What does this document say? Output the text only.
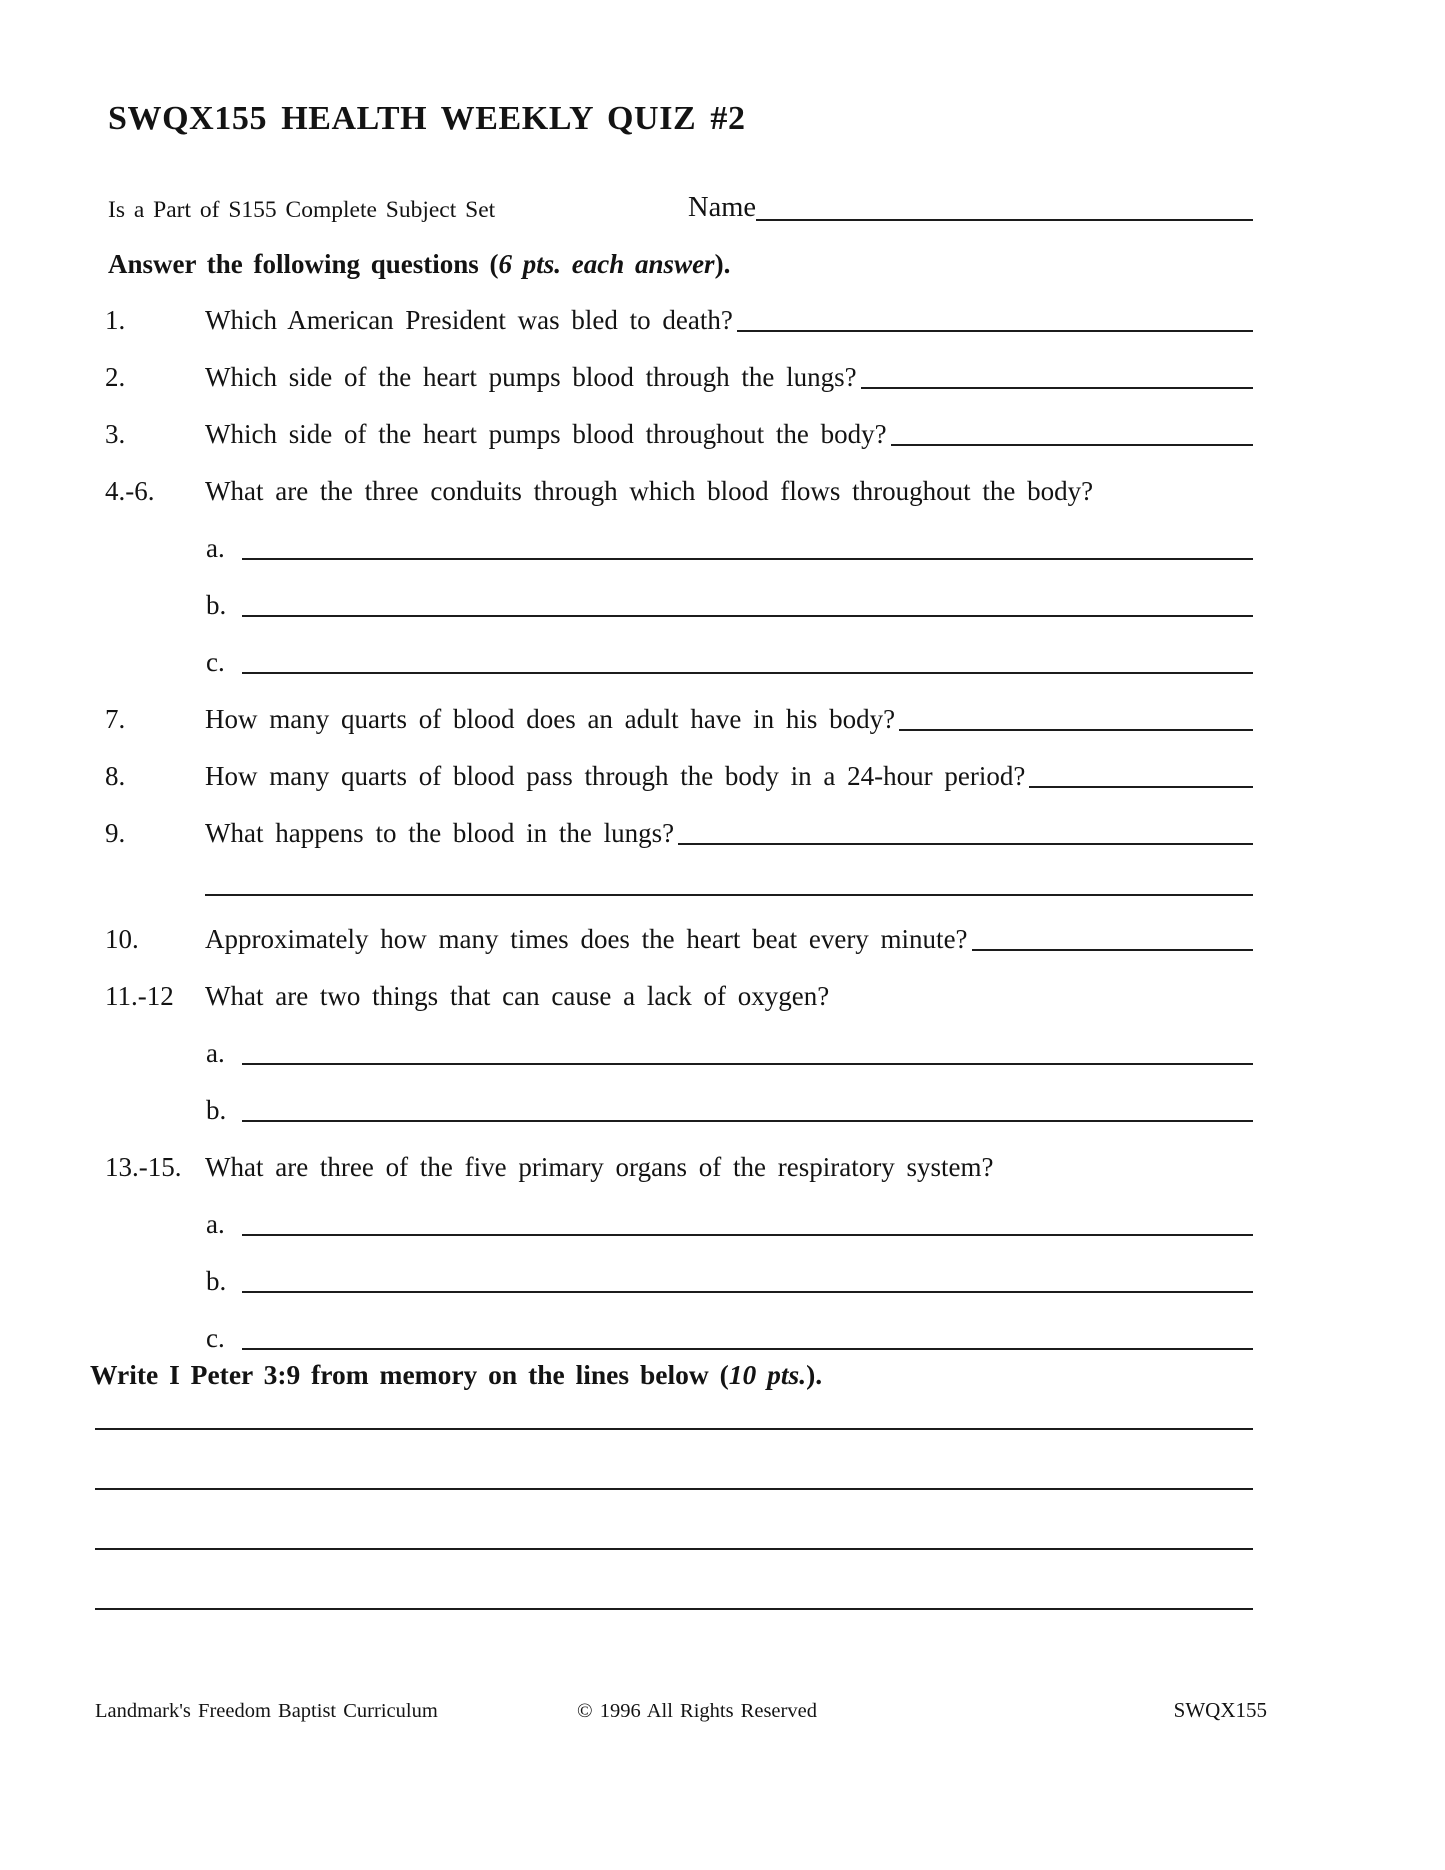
SWQX155 HEALTH WEEKLY QUIZ #2
Is a Part of S155 Complete Subject Set	Name

Answer the following questions (6 pts. each answer).

1.	Which American President was bled to death?
2.	Which side of the heart pumps blood through the lungs?
3.	Which side of the heart pumps blood throughout the body?
4.-6.	What are the three conduits through which blood flows throughout the body?
a.
b.
c.
7.	How many quarts of blood does an adult have in his body?
8.	How many quarts of blood pass through the body in a 24-hour period?
9.	What happens to the blood in the lungs?
10.	Approximately how many times does the heart beat every minute?
11.-12	What are two things that can cause a lack of oxygen?
a.
b.
13.-15. What are three of the five primary organs of the respiratory system?
a.
b.
c.

Write I Peter 3:9 from memory on the lines below (10 pts.).

Landmark's Freedom Baptist Curriculum	© 1996 All Rights Reserved	SWQX155
